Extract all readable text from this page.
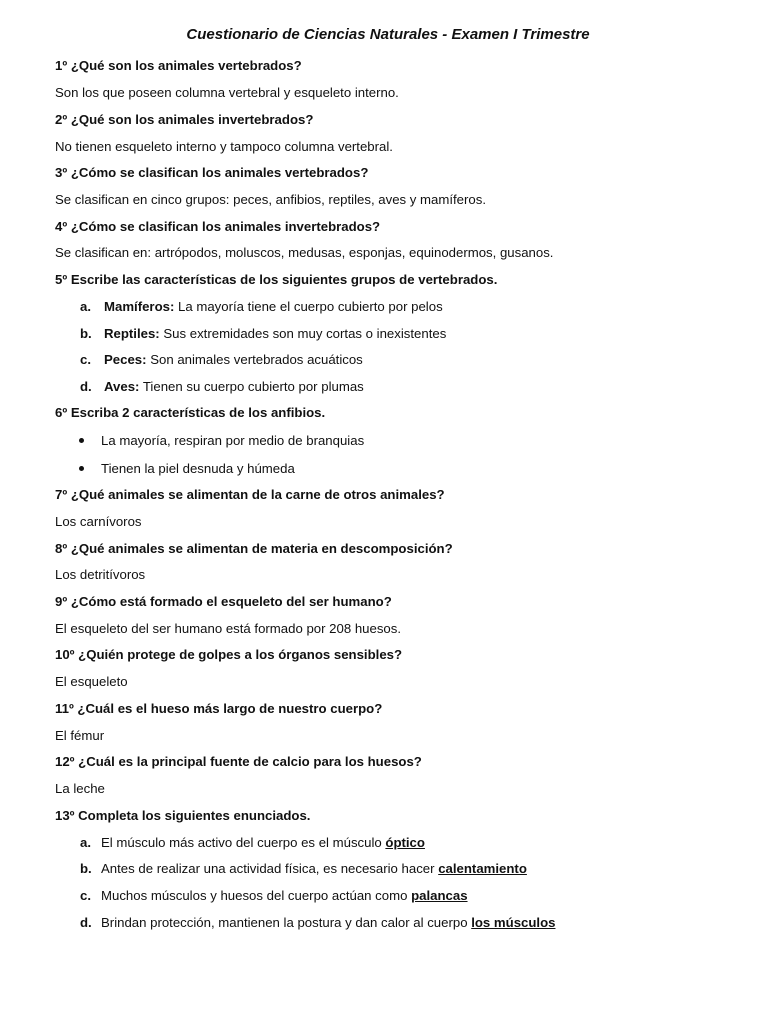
Cuestionario de Ciencias Naturales - Examen I Trimestre
1º ¿Qué son los animales vertebrados?
Son los que poseen columna vertebral y esqueleto interno.
2º ¿Qué son los animales invertebrados?
No tienen esqueleto interno y tampoco columna vertebral.
3º ¿Cómo se clasifican los animales vertebrados?
Se clasifican en cinco grupos: peces, anfibios, reptiles, aves y mamíferos.
4º ¿Cómo se clasifican los animales invertebrados?
Se clasifican en: artrópodos, moluscos, medusas, esponjas, equinodermos, gusanos.
5º Escribe las características de los siguientes grupos de vertebrados.
a. Mamíferos: La mayoría tiene el cuerpo cubierto por pelos
b. Reptiles: Sus extremidades son muy cortas o inexistentes
c. Peces: Son animales vertebrados acuáticos
d. Aves: Tienen su cuerpo cubierto por plumas
6º Escriba 2 características de los anfibios.
La mayoría, respiran por medio de branquias
Tienen la piel desnuda y húmeda
7º ¿Qué animales se alimentan de la carne de otros animales?
Los carnívoros
8º ¿Qué animales se alimentan de materia en descomposición?
Los detritívoros
9º ¿Cómo está formado el esqueleto del ser humano?
El esqueleto del ser humano está formado por 208 huesos.
10º ¿Quién protege de golpes a los órganos sensibles?
El esqueleto
11º ¿Cuál es el hueso más largo de nuestro cuerpo?
El fémur
12º ¿Cuál es la principal fuente de calcio para los huesos?
La leche
13º Completa los siguientes enunciados.
a. El músculo más activo del cuerpo es el músculo óptico
b. Antes de realizar una actividad física, es necesario hacer calentamiento
c. Muchos músculos y huesos del cuerpo actúan como palancas
d. Brindan protección, mantienen la postura y dan calor al cuerpo los músculos
